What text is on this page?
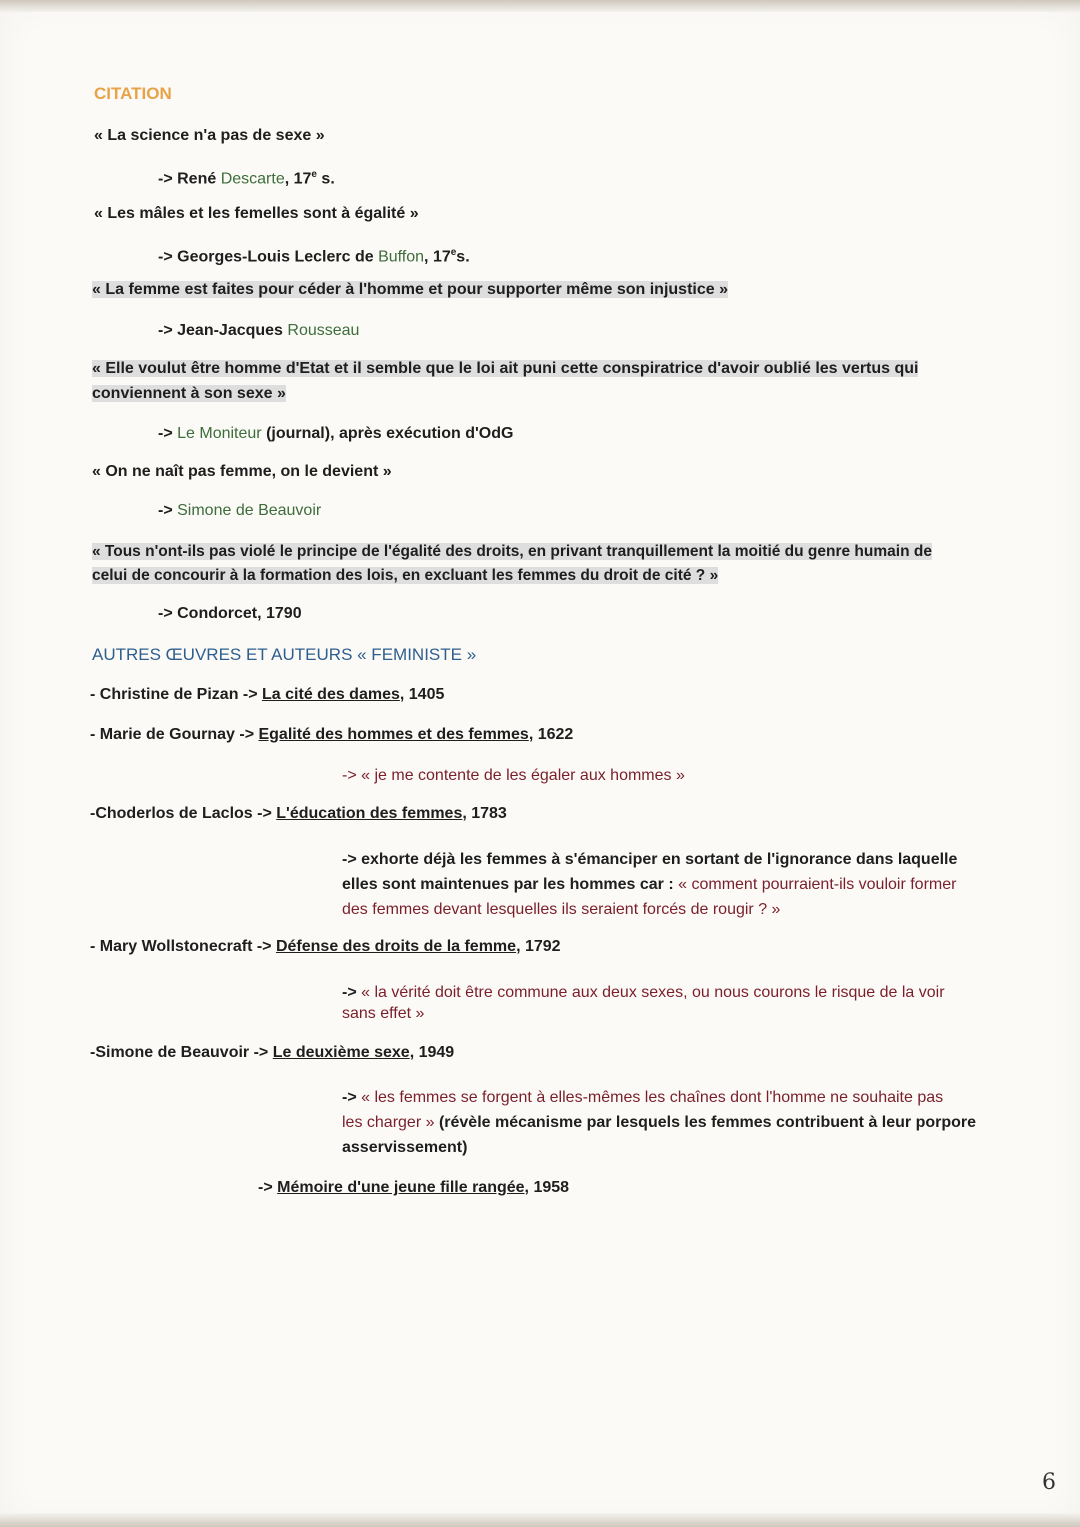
CITATION
« La science n'a pas de sexe »
-> René Descarte, 17e s.
« Les mâles et les femelles sont à égalité »
-> Georges-Louis Leclerc de Buffon, 17es.
« La femme est faites pour céder à l'homme et pour supporter même son injustice »
-> Jean-Jacques Rousseau
« Elle voulut être homme d'Etat et il semble que le loi ait puni cette conspiratrice d'avoir oublié les vertus qui
conviennent à son sexe »
-> Le Moniteur (journal), après exécution d'OdG
« On ne naît pas femme, on le devient »
-> Simone de Beauvoir
« Tous n'ont-ils pas violé le principe de l'égalité des droits, en privant tranquillement la moitié du genre humain de
celui de concourir à la formation des lois, en excluant les femmes du droit de cité ? »
-> Condorcet, 1790
AUTRES ŒUVRES ET AUTEURS « FEMINISTE »
- Christine de Pizan -> La cité des dames, 1405
- Marie de Gournay -> Egalité des hommes et des femmes, 1622
-> « je me contente de les égaler aux hommes »
-Choderlos de Laclos -> L'éducation des femmes, 1783
-> exhorte déjà les femmes à s'émanciper en sortant de l'ignorance dans laquelle
elles sont maintenues par les hommes car : « comment pourraient-ils vouloir former
des femmes devant lesquelles ils seraient forcés de rougir ? »
- Mary Wollstonecraft -> Défense des droits de la femme, 1792
-> « la vérité doit être commune aux deux sexes, ou nous courons le risque de la voir
sans effet »
-Simone de Beauvoir -> Le deuxième sexe, 1949
-> « les femmes se forgent à elles-mêmes les chaînes dont l'homme ne souhaite pas
les charger » (révèle mécanisme par lesquels les femmes contribuent à leur porpore
asservissement)
-> Mémoire d'une jeune fille rangée, 1958
6
